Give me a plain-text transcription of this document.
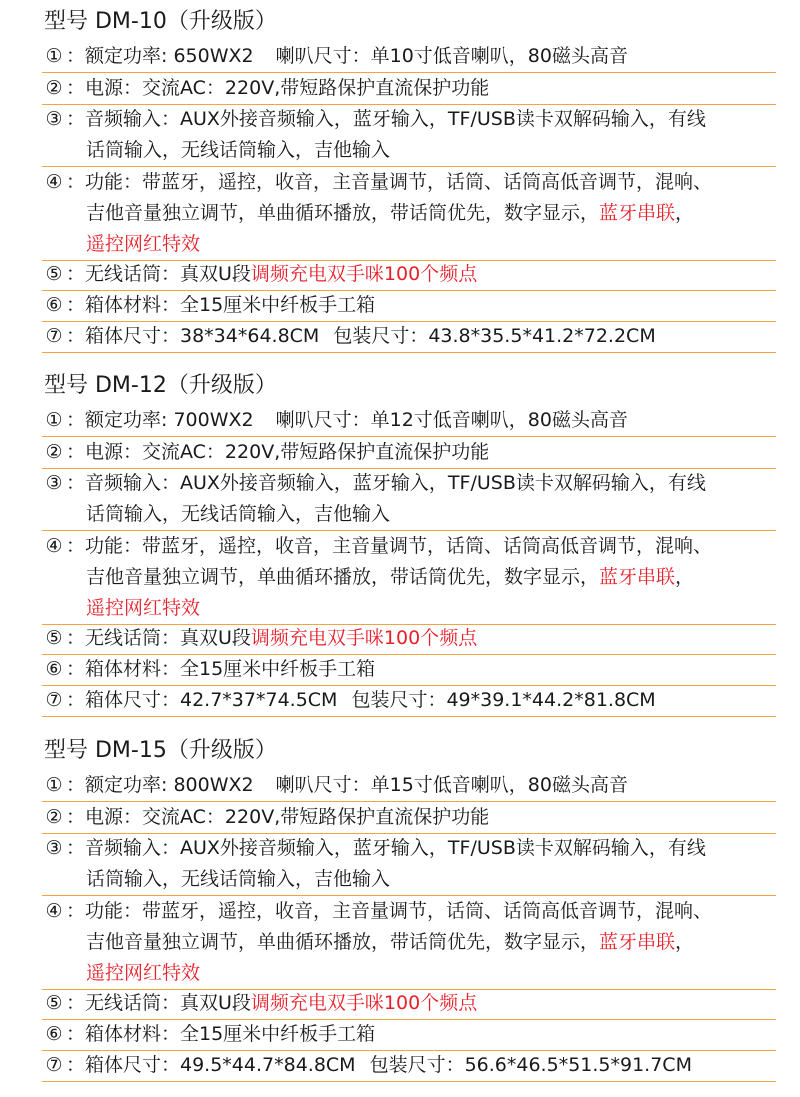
型号 DM-10（升级版）
① ：额定功率: 650WX2 喇叭尺寸：单10寸低音喇叭，80磁头高音
② ：电源：交流AC：220V,带短路保护直流保护功能
③ ：音频输入：AUX外接音频输入，蓝牙输入，TF/USB读卡双解码输入，有线
话筒输入，无线话筒输入，吉他输入
④ ：功能：带蓝牙，遥控，收音，主音量调节，话筒、话筒高低音调节，混响、
吉他音量独立调节，单曲循环播放，带话筒优先，数字显示，蓝牙串联，
遥控网红特效
⑤ ：无线话筒：真双U段调频充电双手咪100个频点
⑥ ：箱体材料：全15厘米中纤板手工箱
⑦ ：箱体尺寸：38*34*64.8CM 包装尺寸：43.8*35.5*41.2*72.2CM
型号 DM-12（升级版）
① ：额定功率: 700WX2 喇叭尺寸：单12寸低音喇叭，80磁头高音
② ：电源：交流AC：220V,带短路保护直流保护功能
③ ：音频输入：AUX外接音频输入，蓝牙输入，TF/USB读卡双解码输入，有线
话筒输入，无线话筒输入，吉他输入
④ ：功能：带蓝牙，遥控，收音，主音量调节，话筒、话筒高低音调节，混响、
吉他音量独立调节，单曲循环播放，带话筒优先，数字显示，蓝牙串联，
遥控网红特效
⑤ ：无线话筒：真双U段调频充电双手咪100个频点
⑥ ：箱体材料：全15厘米中纤板手工箱
⑦ ：箱体尺寸：42.7*37*74.5CM 包装尺寸：49*39.1*44.2*81.8CM
型号 DM-15（升级版）
① ：额定功率: 800WX2 喇叭尺寸：单15寸低音喇叭，80磁头高音
② ：电源：交流AC：220V,带短路保护直流保护功能
③ ：音频输入：AUX外接音频输入，蓝牙输入，TF/USB读卡双解码输入，有线
话筒输入，无线话筒输入，吉他输入
④ ：功能：带蓝牙，遥控，收音，主音量调节，话筒、话筒高低音调节，混响、
吉他音量独立调节，单曲循环播放，带话筒优先，数字显示，蓝牙串联，
遥控网红特效
⑤ ：无线话筒：真双U段调频充电双手咪100个频点
⑥ ：箱体材料：全15厘米中纤板手工箱
⑦ ：箱体尺寸：49.5*44.7*84.8CM 包装尺寸：56.6*46.5*51.5*91.7CM
